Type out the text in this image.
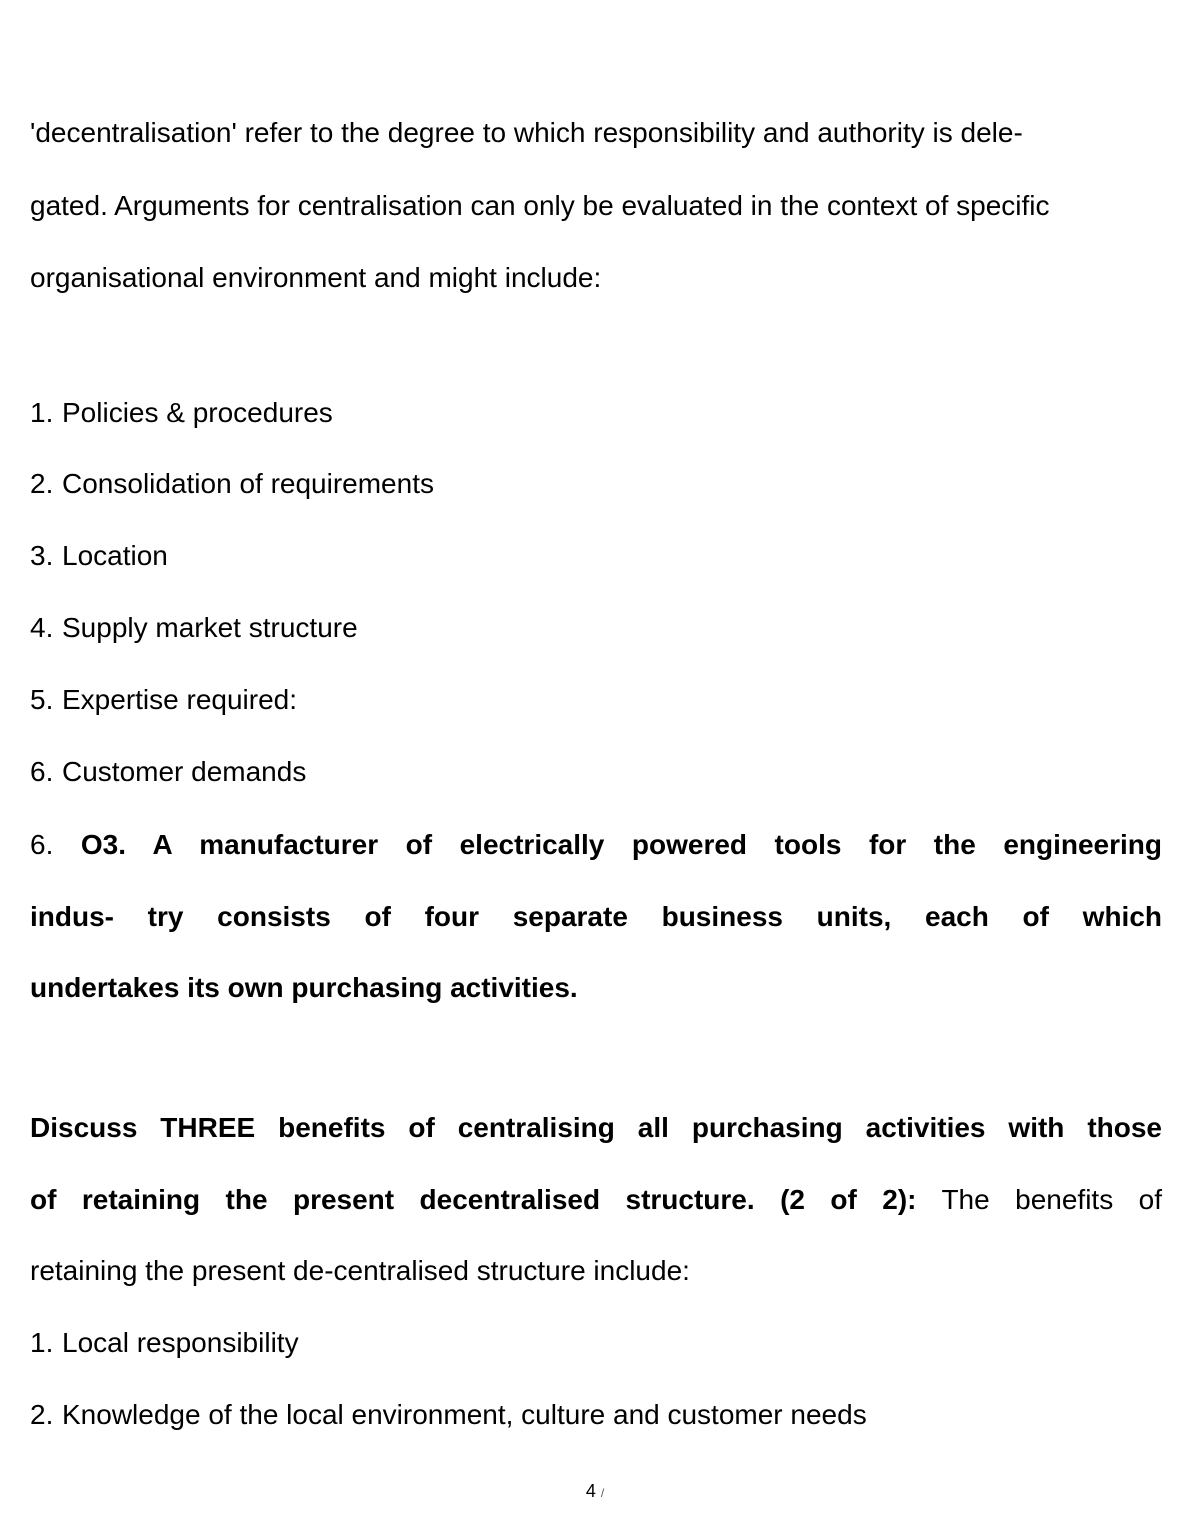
'decentralisation' refer to the degree to which responsibility and authority is dele-
gated. Arguments for centralisation can only be evaluated in the context of specific
organisational environment and might include:
1. Policies & procedures
2. Consolidation of requirements
3. Location
4. Supply market structure
5. Expertise required:
6. Customer demands
6. O3. A manufacturer of electrically powered tools for the engineering
indus- try consists of four separate business units, each of which
undertakes its own purchasing activities.
Discuss THREE benefits of centralising all purchasing activities with those
of retaining the present decentralised structure. (2 of 2): The benefits of
retaining the present de-centralised structure include:
1. Local responsibility
2. Knowledge of the local environment, culture and customer needs
4 /
